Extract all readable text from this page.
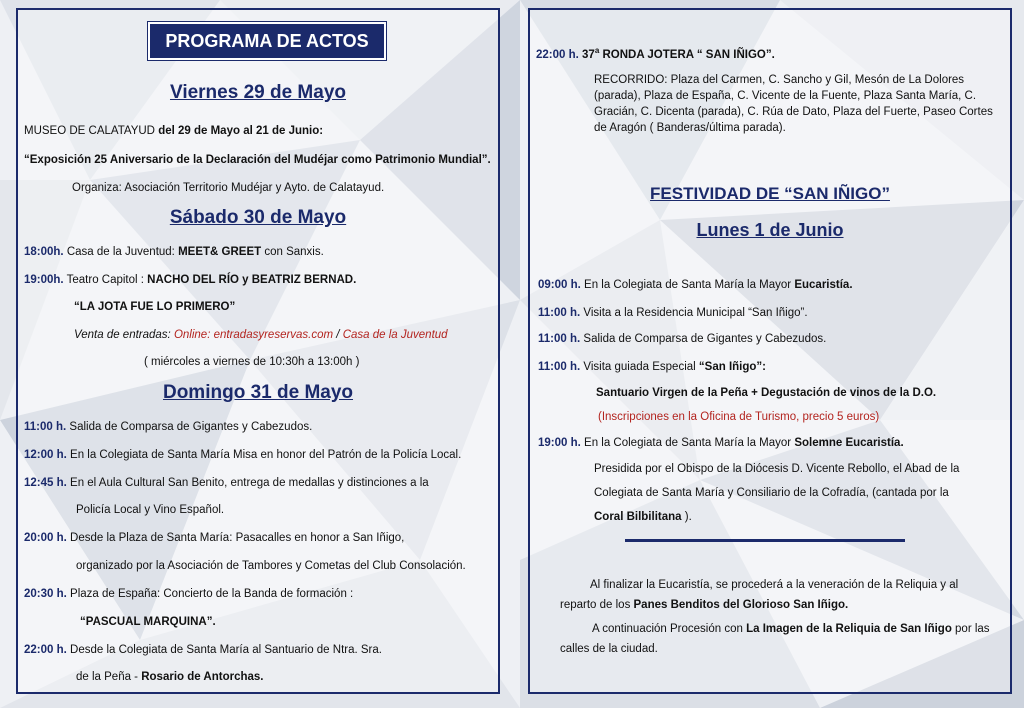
PROGRAMA DE ACTOS
Viernes 29 de Mayo
MUSEO DE CALATAYUD del 29 de Mayo al 21 de Junio:
“Exposición 25 Aniversario de la Declaración del Mudéjar como Patrimonio Mundial”.
Organiza: Asociación Territorio Mudéjar y Ayto. de Calatayud.
Sábado 30 de Mayo
18:00h. Casa de la Juventud: MEET& GREET con Sanxis.
19:00h. Teatro Capitol : NACHO DEL RÍO y BEATRIZ BERNAD.
“LA JOTA FUE LO PRIMERO”
Venta de entradas: Online: entradasyreservas.com / Casa de la Juventud
( miércoles a viernes de 10:30h a 13:00h )
Domingo 31 de Mayo
11:00 h. Salida de Comparsa de Gigantes y Cabezudos.
12:00 h. En la Colegiata de Santa María Misa en honor del Patrón de la Policía Local.
12:45 h. En el Aula Cultural San Benito, entrega de medallas y distinciones a la
Policía Local y Vino Español.
20:00 h. Desde la Plaza de Santa María: Pasacalles en honor a San Iñigo,
organizado por la Asociación de Tambores y Cometas del Club Consolación.
20:30 h. Plaza de España: Concierto de la Banda de formación :
“PASCUAL MARQUINA”.
22:00 h. Desde la Colegiata de Santa María al Santuario de Ntra. Sra.
de la Peña - Rosario de Antorchas.
22:00 h. 37$^a$ RONDA JOTERA “ SAN IÑIGO”.
RECORRIDO: Plaza del Carmen, C. Sancho y Gil, Mesón de La Dolores (parada), Plaza de España, C. Vicente de la Fuente, Plaza Santa María, C. Gracián, C. Dicenta (parada), C. Rúa de Dato, Plaza del Fuerte, Paseo Cortes de Aragón ( Banderas/última parada).
FESTIVIDAD DE “SAN IÑIGO”
Lunes 1 de Junio
09:00 h. En la Colegiata de Santa María la Mayor Eucaristía.
11:00 h. Visita a la Residencia Municipal “San Iñigo”.
11:00 h. Salida de Comparsa de Gigantes y Cabezudos.
11:00 h. Visita guiada Especial “San Iñigo”:
Santuario Virgen de la Peña + Degustación de vinos de la D.O.
(Inscripciones en la Oficina de Turismo, precio 5 euros)
19:00 h. En la Colegiata de Santa María la Mayor Solemne Eucaristía.
Presidida por el Obispo de la Diócesis D. Vicente Rebollo, el Abad de la
Colegiata de Santa María y Consiliario de la Cofradía, (cantada por la
Coral Bilbilitana ).
Al finalizar la Eucaristía, se procederá a la veneración de la Reliquia y al
reparto de los Panes Benditos del Glorioso San Iñigo.
A continuación Procesión con La Imagen de la Reliquia de San Iñigo por las
calles de la ciudad.
